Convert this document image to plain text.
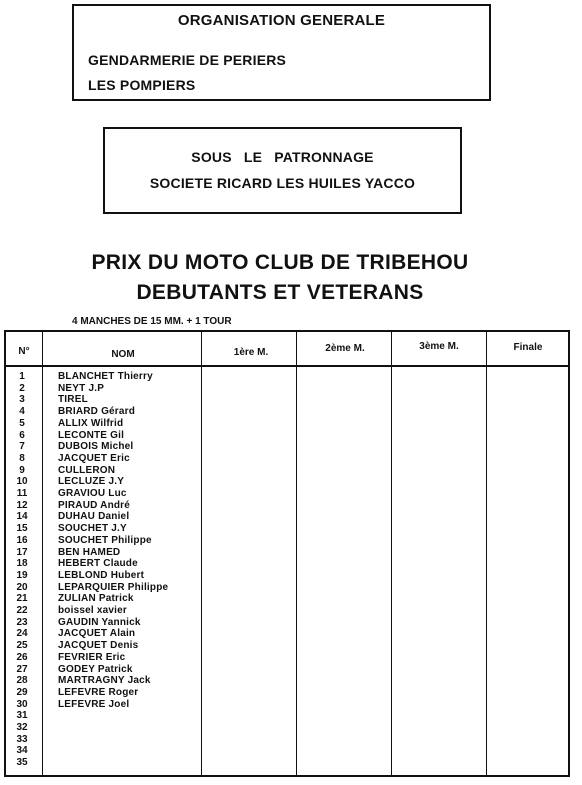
ORGANISATION GENERALE
GENDARMERIE DE PERIERS
LES POMPIERS
SOUS LE PATRONNAGE
SOCIETE RICARD LES HUILES YACCO
PRIX DU MOTO CLUB DE TRIBEHOU
DEBUTANTS ET VETERANS
4 MANCHES DE 15 MM. + 1 TOUR
N°	NOM	1ère M.	2ème M.	3ème M.	Finale
1	BLANCHET Thierry
2	NEYT J.P
3	TIREL
4	BRIARD Gérard
5	ALLIX Wilfrid
6	LECONTE Gil
7	DUBOIS Michel
8	JACQUET Eric
9	CULLERON
10	LECLUZE J.Y
11	GRAVIOU Luc
12	PIRAUD André
14	DUHAU Daniel
15	SOUCHET J.Y
16	SOUCHET Philippe
17	BEN HAMED
18	HEBERT Claude
19	LEBLOND Hubert
20	LEPARQUIER Philippe
21	ZULIAN Patrick
22	boissel xavier
23	GAUDIN Yannick
24	JACQUET Alain
25	JACQUET Denis
26	FEVRIER Eric
27	GODEY Patrick
28	MARTRAGNY Jack
29	LEFEVRE Roger
30	LEFEVRE Joel
31
32
33
34
35
